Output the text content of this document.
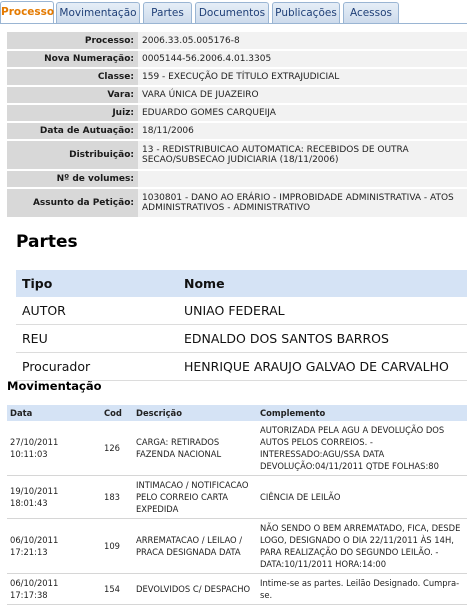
Processo Movimentação	Partes	Documentos Publicações	Acessos
Processo:	2006.33.05.005176-8
Nova Numeração:	0005144-56.2006.4.01.3305
Classe:	159 - EXECUÇÃO DE TÍTULO EXTRAJUDICIAL
Vara:	VARA ÚNICA DE JUAZEIRO
Juiz:	EDUARDO GOMES CARQUEIJA
Data de Autuação:	18/11/2006
Distribuição:	13 - REDISTRIBUICAO AUTOMATICA: RECEBIDOS DE OUTRA SECAO/SUBSECAO JUDICIARIA (18/11/2006)
Nº de volumes:	
Assunto da Petição:	1030801 - DANO AO ERÁRIO - IMPROBIDADE ADMINISTRATIVA - ATOS ADMINISTRATIVOS - ADMINISTRATIVO
Partes
Tipo	Nome
AUTOR	UNIAO FEDERAL
REU	EDNALDO DOS SANTOS BARROS
Procurador	HENRIQUE ARAUJO GALVAO DE CARVALHO
Movimentação
Data	Cod	Descrição	Complemento
27/10/2011 10:11:03	126	CARGA: RETIRADOS FAZENDA NACIONAL	AUTORIZADA PELA AGU A DEVOLUÇÃO DOS AUTOS PELOS CORREIOS. - INTERESSADO:AGU/SSA DATA DEVOLUÇÃO:04/11/2011 QTDE FOLHAS:80
19/10/2011 18:01:43	183	INTIMACAO / NOTIFICACAO PELO CORREIO CARTA EXPEDIDA	CIÊNCIA DE LEILÃO
06/10/2011 17:21:13	109	ARREMATACAO / LEILAO / PRACA DESIGNADA DATA	NÃO SENDO O BEM ARREMATADO, FICA, DESDE LOGO, DESIGNADO O DIA 22/11/2011 ÀS 14H, PARA REALIZAÇÃO DO SEGUNDO LEILÃO. - DATA:10/11/2011 HORA:14:00
06/10/2011 17:17:38	154	DEVOLVIDOS C/ DESPACHO	Intime-se as partes. Leilão Designado. Cumpra-se.
